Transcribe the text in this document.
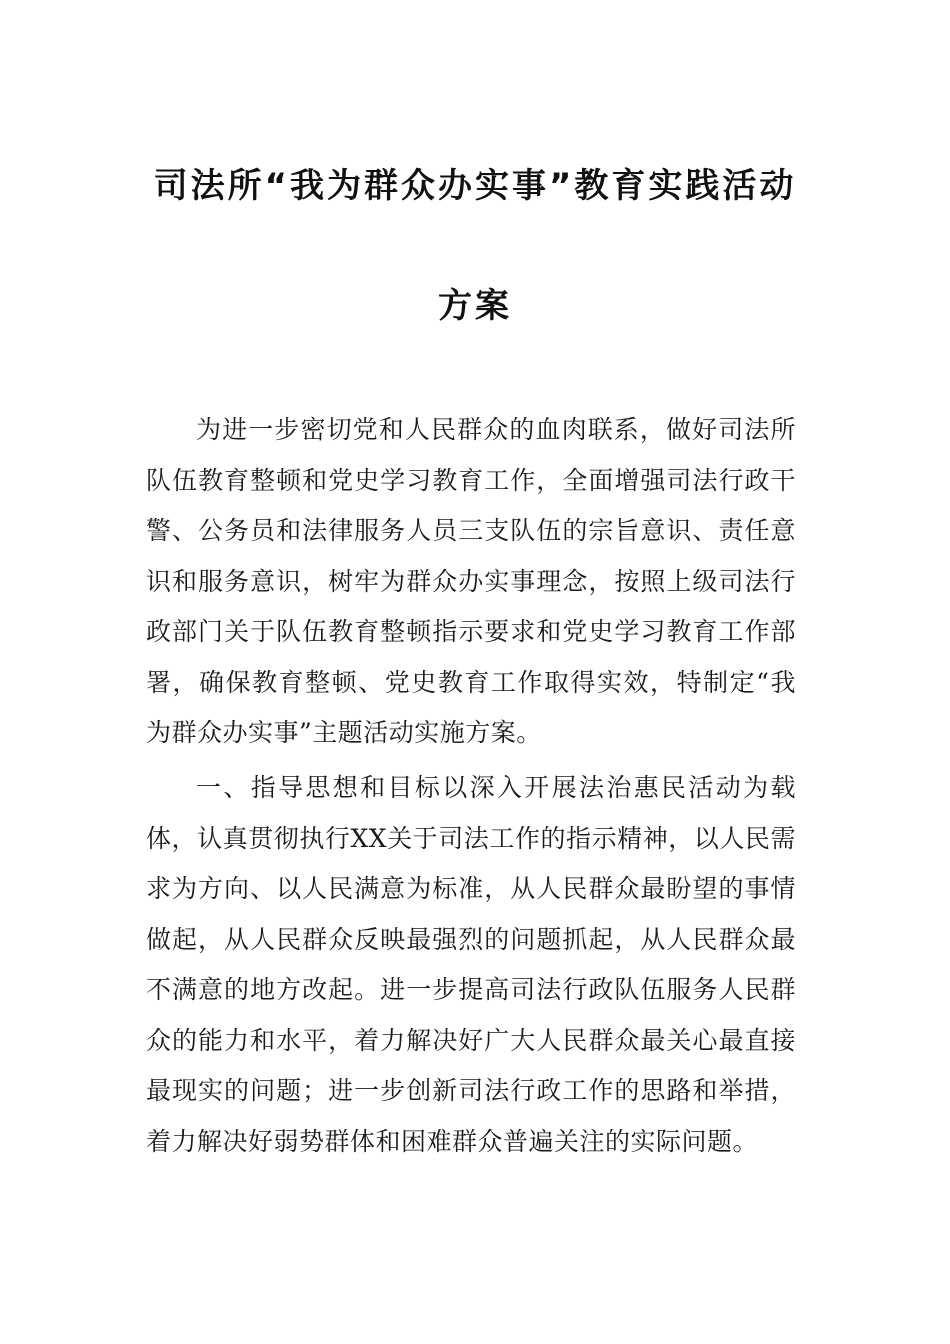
司法所“我为群众办实事”教育实践活动
方案

为进一步密切党和人民群众的血肉联系，做好司法所队伍教育整顿和党史学习教育工作，全面增强司法行政干警、公务员和法律服务人员三支队伍的宗旨意识、责任意识和服务意识，树牢为群众办实事理念，按照上级司法行政部门关于队伍教育整顿指示要求和党史学习教育工作部署，确保教育整顿、党史教育工作取得实效，特制定“我为群众办实事”主题活动实施方案。

一、指导思想和目标以深入开展法治惠民活动为载体，认真贯彻执行XX关于司法工作的指示精神，以人民需求为方向、以人民满意为标准，从人民群众最盼望的事情做起，从人民群众反映最强烈的问题抓起，从人民群众最不满意的地方改起。进一步提高司法行政队伍服务人民群众的能力和水平，着力解决好广大人民群众最关心最直接最现实的问题；进一步创新司法行政工作的思路和举措，着力解决好弱势群体和困难群众普遍关注的实际问题。
